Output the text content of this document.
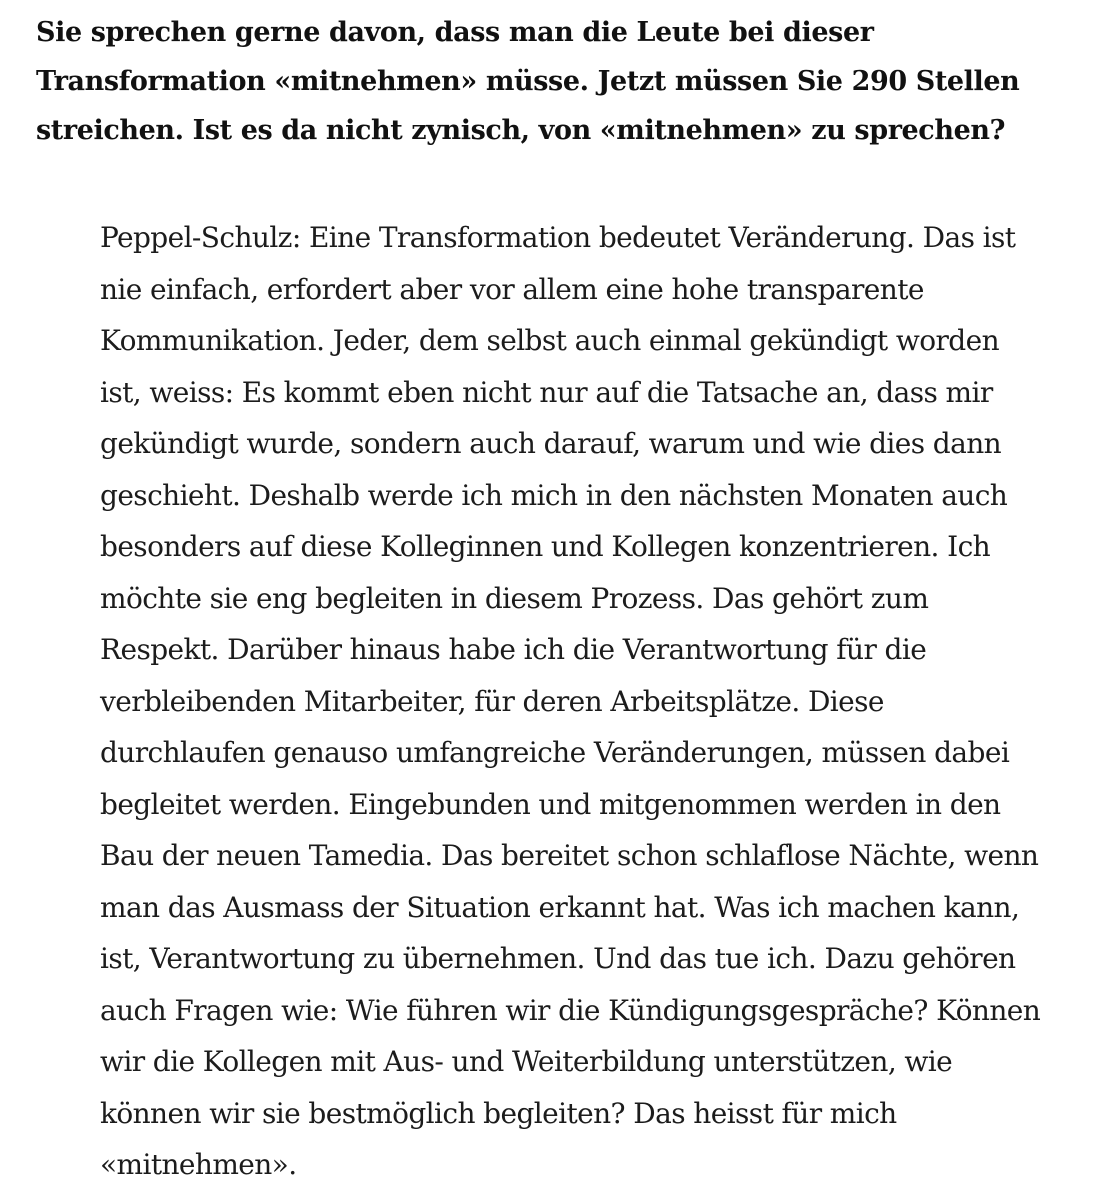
Sie sprechen gerne davon, dass man die Leute bei dieser
Transformation «mitnehmen» müsse. Jetzt müssen Sie 290 Stellen
streichen. Ist es da nicht zynisch, von «mitnehmen» zu sprechen?
Peppel-Schulz: Eine Transformation bedeutet Veränderung. Das ist
nie einfach, erfordert aber vor allem eine hohe transparente
Kommunikation. Jeder, dem selbst auch einmal gekündigt worden
ist, weiss: Es kommt eben nicht nur auf die Tatsache an, dass mir
gekündigt wurde, sondern auch darauf, warum und wie dies dann
geschieht. Deshalb werde ich mich in den nächsten Monaten auch
besonders auf diese Kolleginnen und Kollegen konzentrieren. Ich
möchte sie eng begleiten in diesem Prozess. Das gehört zum
Respekt. Darüber hinaus habe ich die Verantwortung für die
verbleibenden Mitarbeiter, für deren Arbeitsplätze. Diese
durchlaufen genauso umfangreiche Veränderungen, müssen dabei
begleitet werden. Eingebunden und mitgenommen werden in den
Bau der neuen Tamedia. Das bereitet schon schlaflose Nächte, wenn
man das Ausmass der Situation erkannt hat. Was ich machen kann,
ist, Verantwortung zu übernehmen. Und das tue ich. Dazu gehören
auch Fragen wie: Wie führen wir die Kündigungsgespräche? Können
wir die Kollegen mit Aus- und Weiterbildung unterstützen, wie
können wir sie bestmöglich begleiten? Das heisst für mich
«mitnehmen».
